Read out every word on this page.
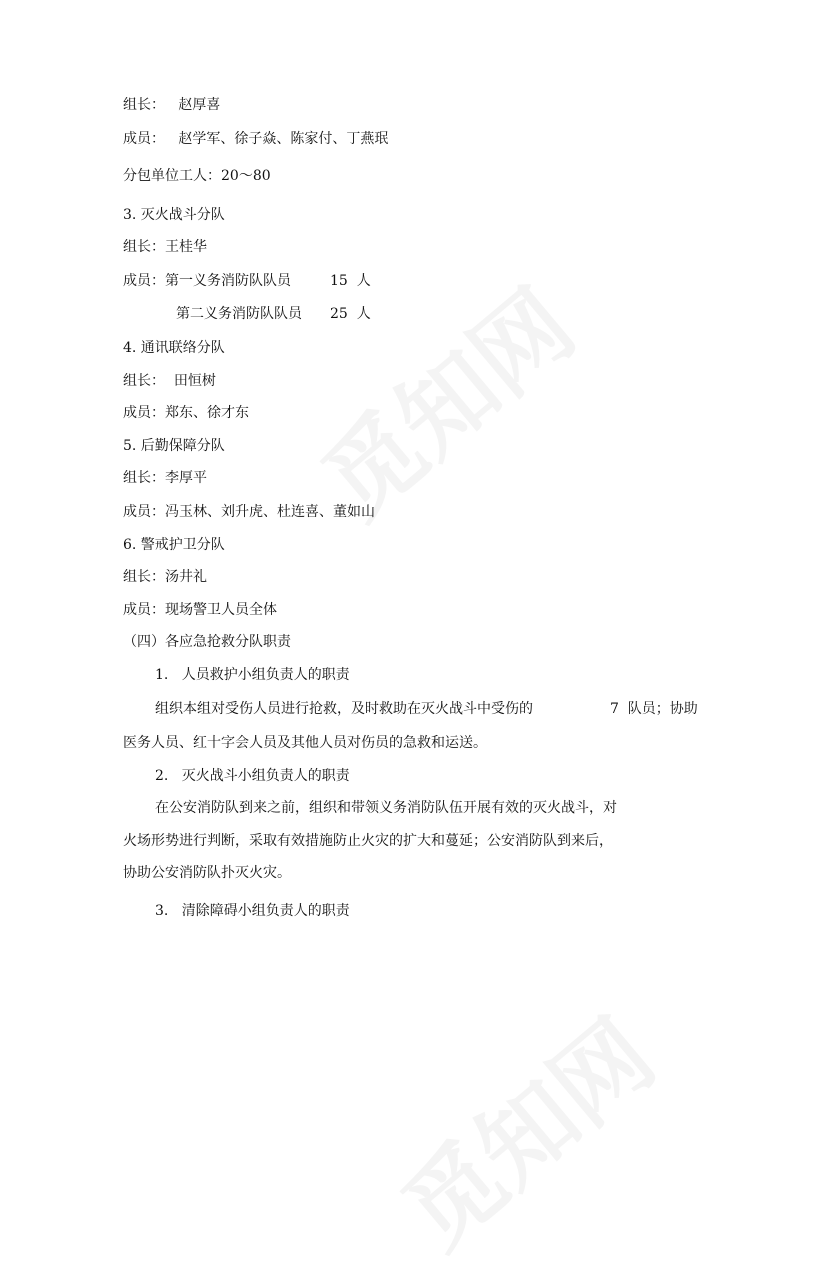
组长：   赵厚喜
成员：   赵学军、徐子焱、陈家付、丁燕珉
分包单位工人：20〜80
3. 灭火战斗分队
组长：王桂华
成员：第一义务消防队队员	15  人
第二义务消防队队员 25  人
4. 通讯联络分队
组长：  田恒树
成员：郑东、徐才东
5. 后勤保障分队
组长：李厚平
成员：冯玉林、刘升虎、杜连喜、董如山
6. 警戒护卫分队
组长：汤井礼
成员：现场警卫人员全体
（四）各应急抢救分队职责
1.   人员救护小组负责人的职责
组织本组对受伤人员进行抢救，及时救助在灭火战斗中受伤的	7  队员；协助
医务人员、红十字会人员及其他人员对伤员的急救和运送。
2.   灭火战斗小组负责人的职责
在公安消防队到来之前，组织和带领义务消防队伍开展有效的灭火战斗，对
火场形势进行判断，采取有效措施防止火灾的扩大和蔓延；公安消防队到来后，
协助公安消防队扑灭火灾。
3.   清除障碍小组负责人的职责
